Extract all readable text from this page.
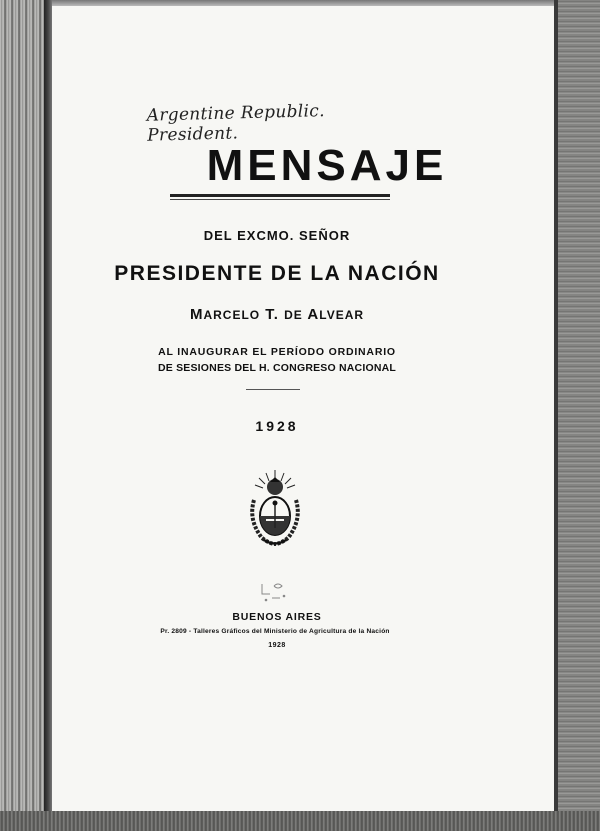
Argentine Republic. President.
MENSAJE
DEL EXCMO. SEÑOR
PRESIDENTE DE LA NACIÓN
MARCELO T. DE ALVEAR
AL INAUGURAR EL PERÍODO ORDINARIO
DE SESIONES DEL H. CONGRESO NACIONAL
1928
BUENOS AIRES
Pr. 2809 - Talleres Gráficos del Ministerio de Agricultura de la Nación
1928
